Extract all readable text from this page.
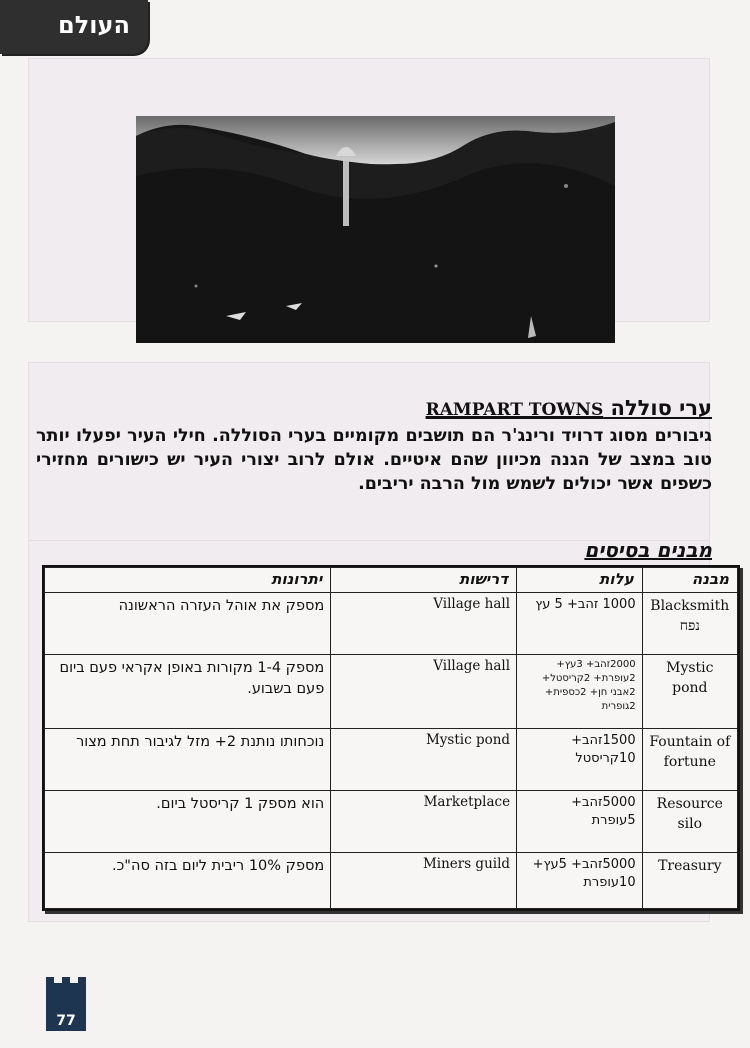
העולם
ערי סוללה RAMPART TOWNS
גיבורים מסוג דרויד ורינג'ר הם תושבים מקומיים בערי הסוללה. חילי העיר יפעלו יותר טוב במצב של הגנה מכיוון שהם איטיים. אולם לרוב יצורי העיר יש כישורים מחזירי כשפים אשר יכולים לשמש מול הרבה יריבים.
מבנים בסיסים
מבנה	עלות	דרישות	יתרונות
Blacksmith נפח	1000 זהב+ 5 עץ	Village hall	מספק את אוהל העזרה הראשונה
Mystic pond	2000זהב+ 3עץ+ 2עופרת+ 2קריסטל+ 2אבני חן+ 2כספית+ 2גופרית	Village hall	מספק 1-4 מקורות באופן אקראי פעם ביום פעם בשבוע.
Fountain of fortune	1500זהב+ 10קריסטל	Mystic pond	נוכחותו נותנת 2+ מזל לגיבור תחת מצור
Resource silo	5000זהב+ 5עופרת	Marketplace	הוא מספק 1 קריסטל ביום.
Treasury	5000זהב+ 5עץ+ 10עופרת	Miners guild	מספק 10% ריבית ליום בזה סה"כ.
77
